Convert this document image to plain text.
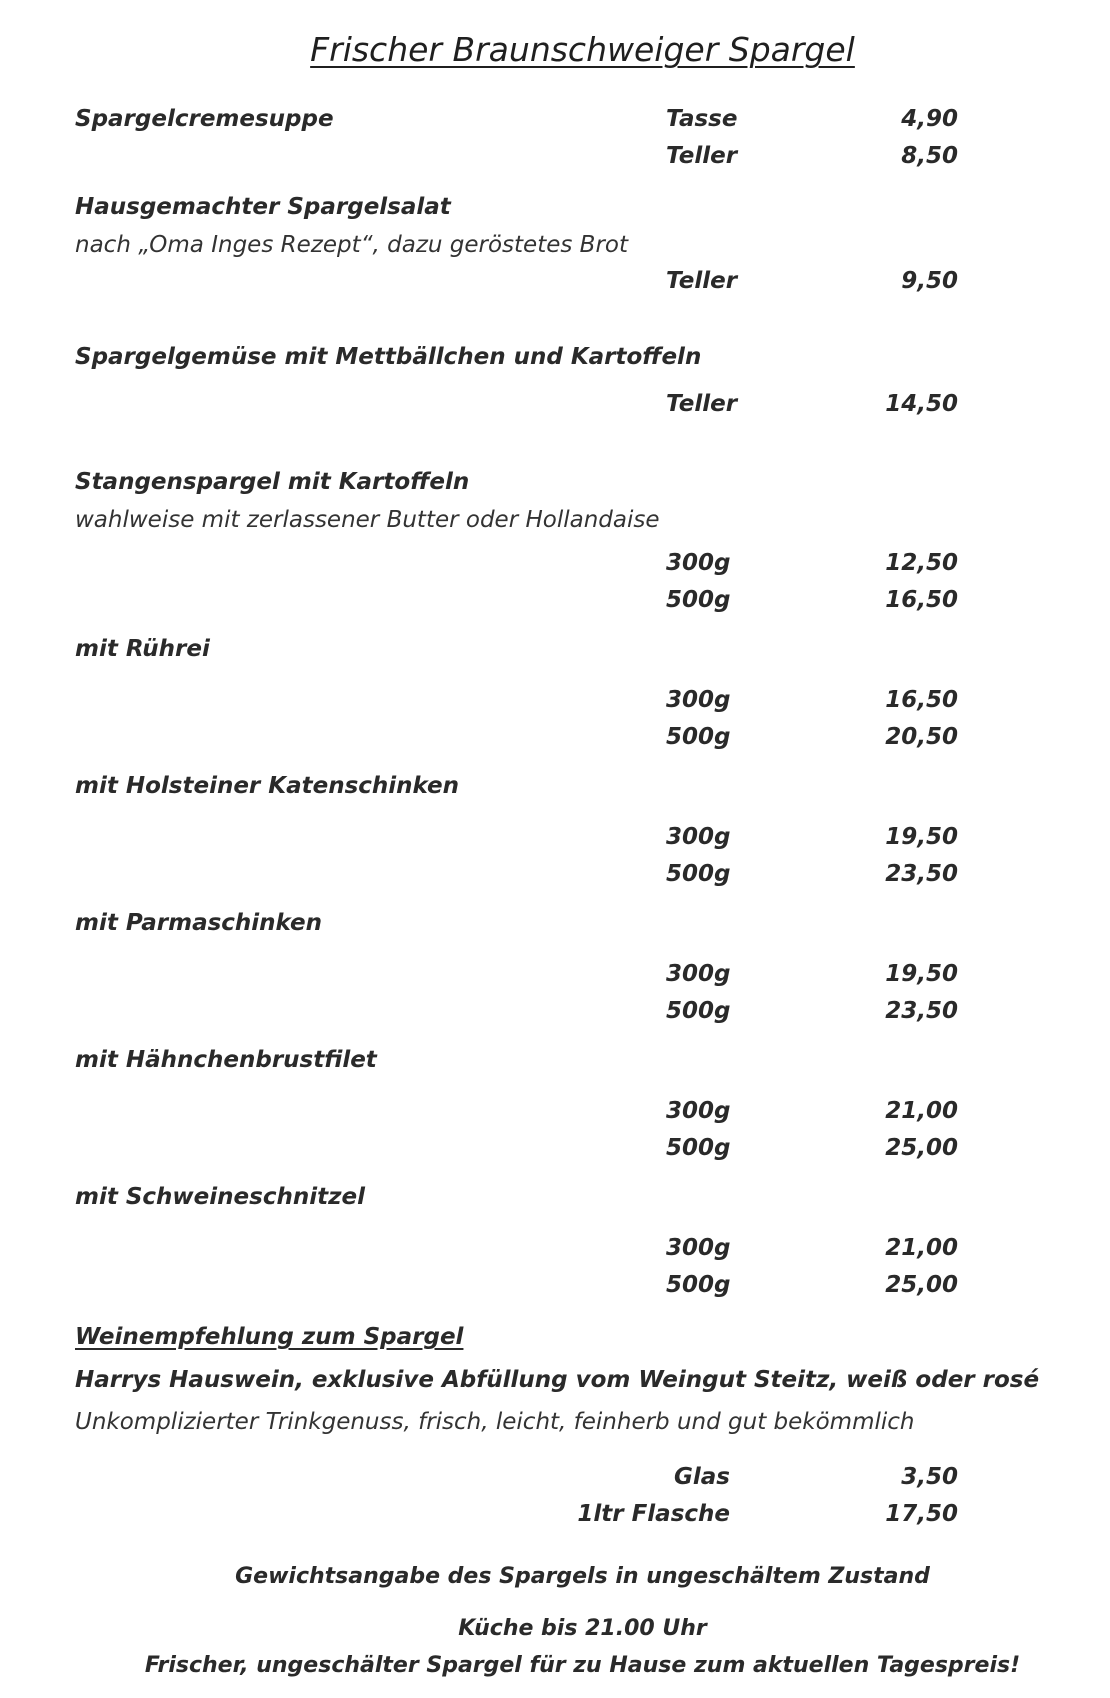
Frischer Braunschweiger Spargel
Spargelcremesuppe	Tasse	4,90
Teller	8,50
Hausgemachter Spargelsalat
nach „Oma Inges Rezept“, dazu geröstetes Brot
Teller	9,50
Spargelgemüse mit Mettbällchen und Kartoffeln
Teller	14,50
Stangenspargel mit Kartoffeln
wahlweise mit zerlassener Butter oder Hollandaise
300g	12,50
500g	16,50
mit Rührei
300g	16,50
500g	20,50
mit Holsteiner Katenschinken
300g	19,50
500g	23,50
mit Parmaschinken
300g	19,50
500g	23,50
mit Hähnchenbrustfilet
300g	21,00
500g	25,00
mit Schweineschnitzel
300g	21,00
500g	25,00
Weinempfehlung zum Spargel
Harrys Hauswein, exklusive Abfüllung vom Weingut Steitz, weiß oder rosé
Unkomplizierter Trinkgenuss, frisch, leicht, feinherb und gut bekömmlich
Glas	3,50
1ltr Flasche	17,50
Gewichtsangabe des Spargels in ungeschältem Zustand
Küche bis 21.00 Uhr
Frischer, ungeschälter Spargel für zu Hause zum aktuellen Tagespreis!
